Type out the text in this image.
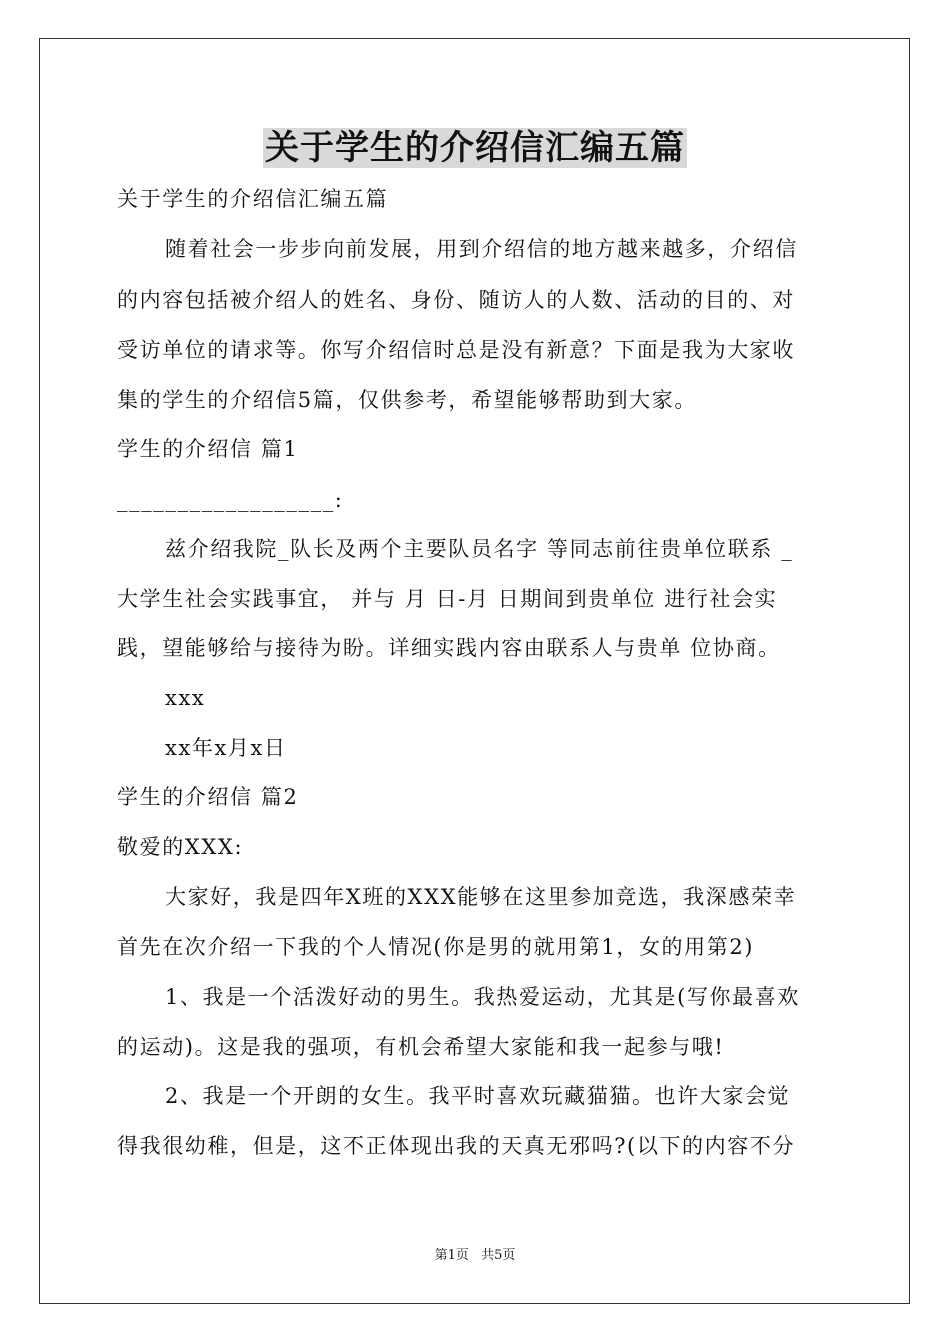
关于学生的介绍信汇编五篇
关于学生的介绍信汇编五篇
随着社会一步步向前发展，用到介绍信的地方越来越多，介绍信
的内容包括被介绍人的姓名、身份、随访人的人数、活动的目的、对
受访单位的请求等。你写介绍信时总是没有新意？下面是我为大家收
集的学生的介绍信5篇，仅供参考，希望能够帮助到大家。
学生的介绍信 篇1
__________________:
兹介绍我院_队长及两个主要队员名字 等同志前往贵单位联系 _
大学生社会实践事宜， 并与 月 日-月 日期间到贵单位 进行社会实
践，望能够给与接待为盼。详细实践内容由联系人与贵单 位协商。
xxx
xx年x月x日
学生的介绍信 篇2
敬爱的XXX:
大家好，我是四年X班的XXX能够在这里参加竞选，我深感荣幸
首先在次介绍一下我的个人情况(你是男的就用第1，女的用第2)
1、我是一个活泼好动的男生。我热爱运动，尤其是(写你最喜欢
的运动)。这是我的强项，有机会希望大家能和我一起参与哦!
2、我是一个开朗的女生。我平时喜欢玩藏猫猫。也许大家会觉
得我很幼稚，但是，这不正体现出我的天真无邪吗?(以下的内容不分
第1页 共5页
